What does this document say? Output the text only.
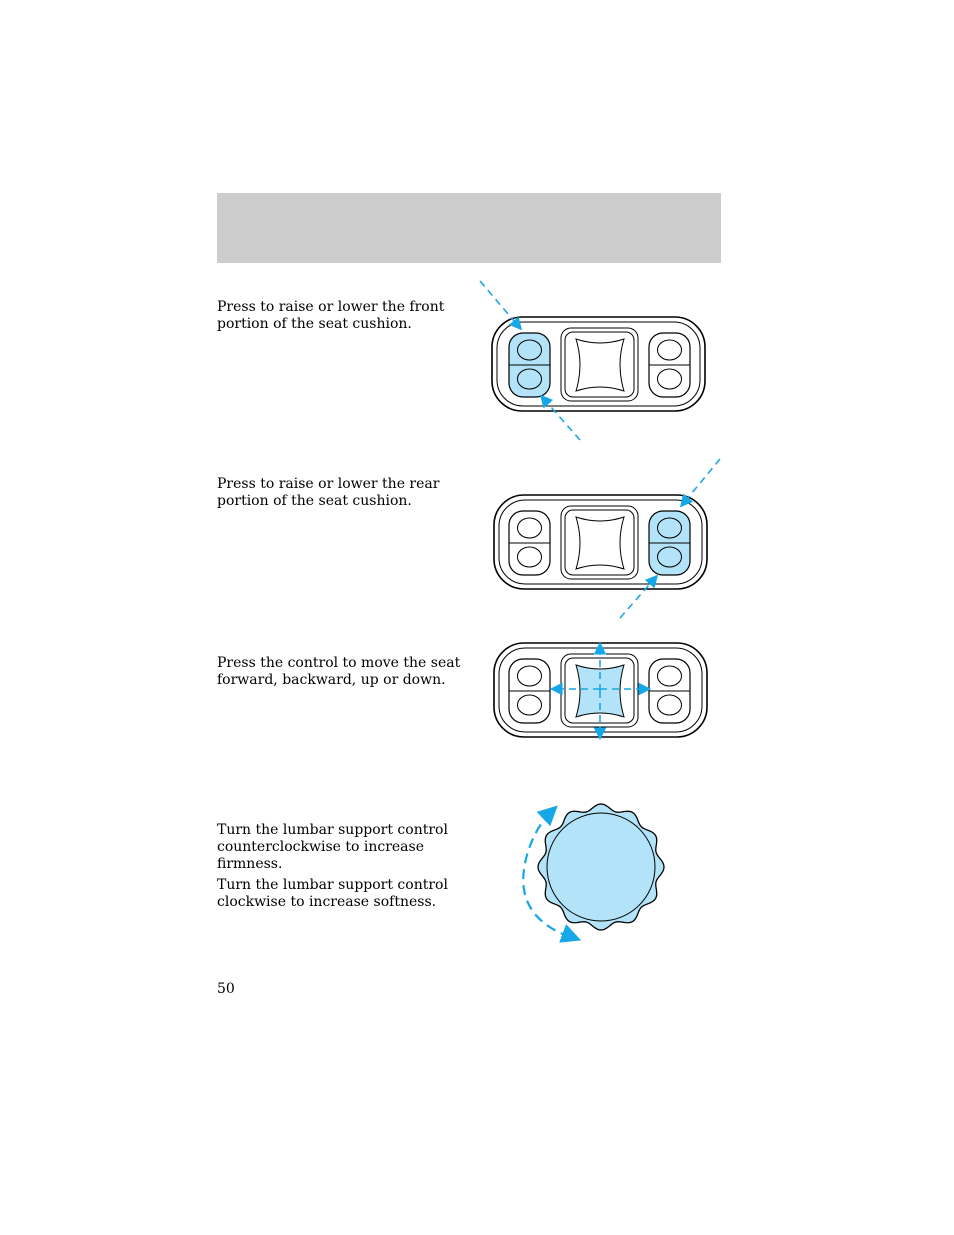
Press to raise or lower the front
portion of the seat cushion.
Press to raise or lower the rear
portion of the seat cushion.
Press the control to move the seat
forward, backward, up or down.
Turn the lumbar support control
counterclockwise to increase
firmness.
Turn the lumbar support control
clockwise to increase softness.
50
